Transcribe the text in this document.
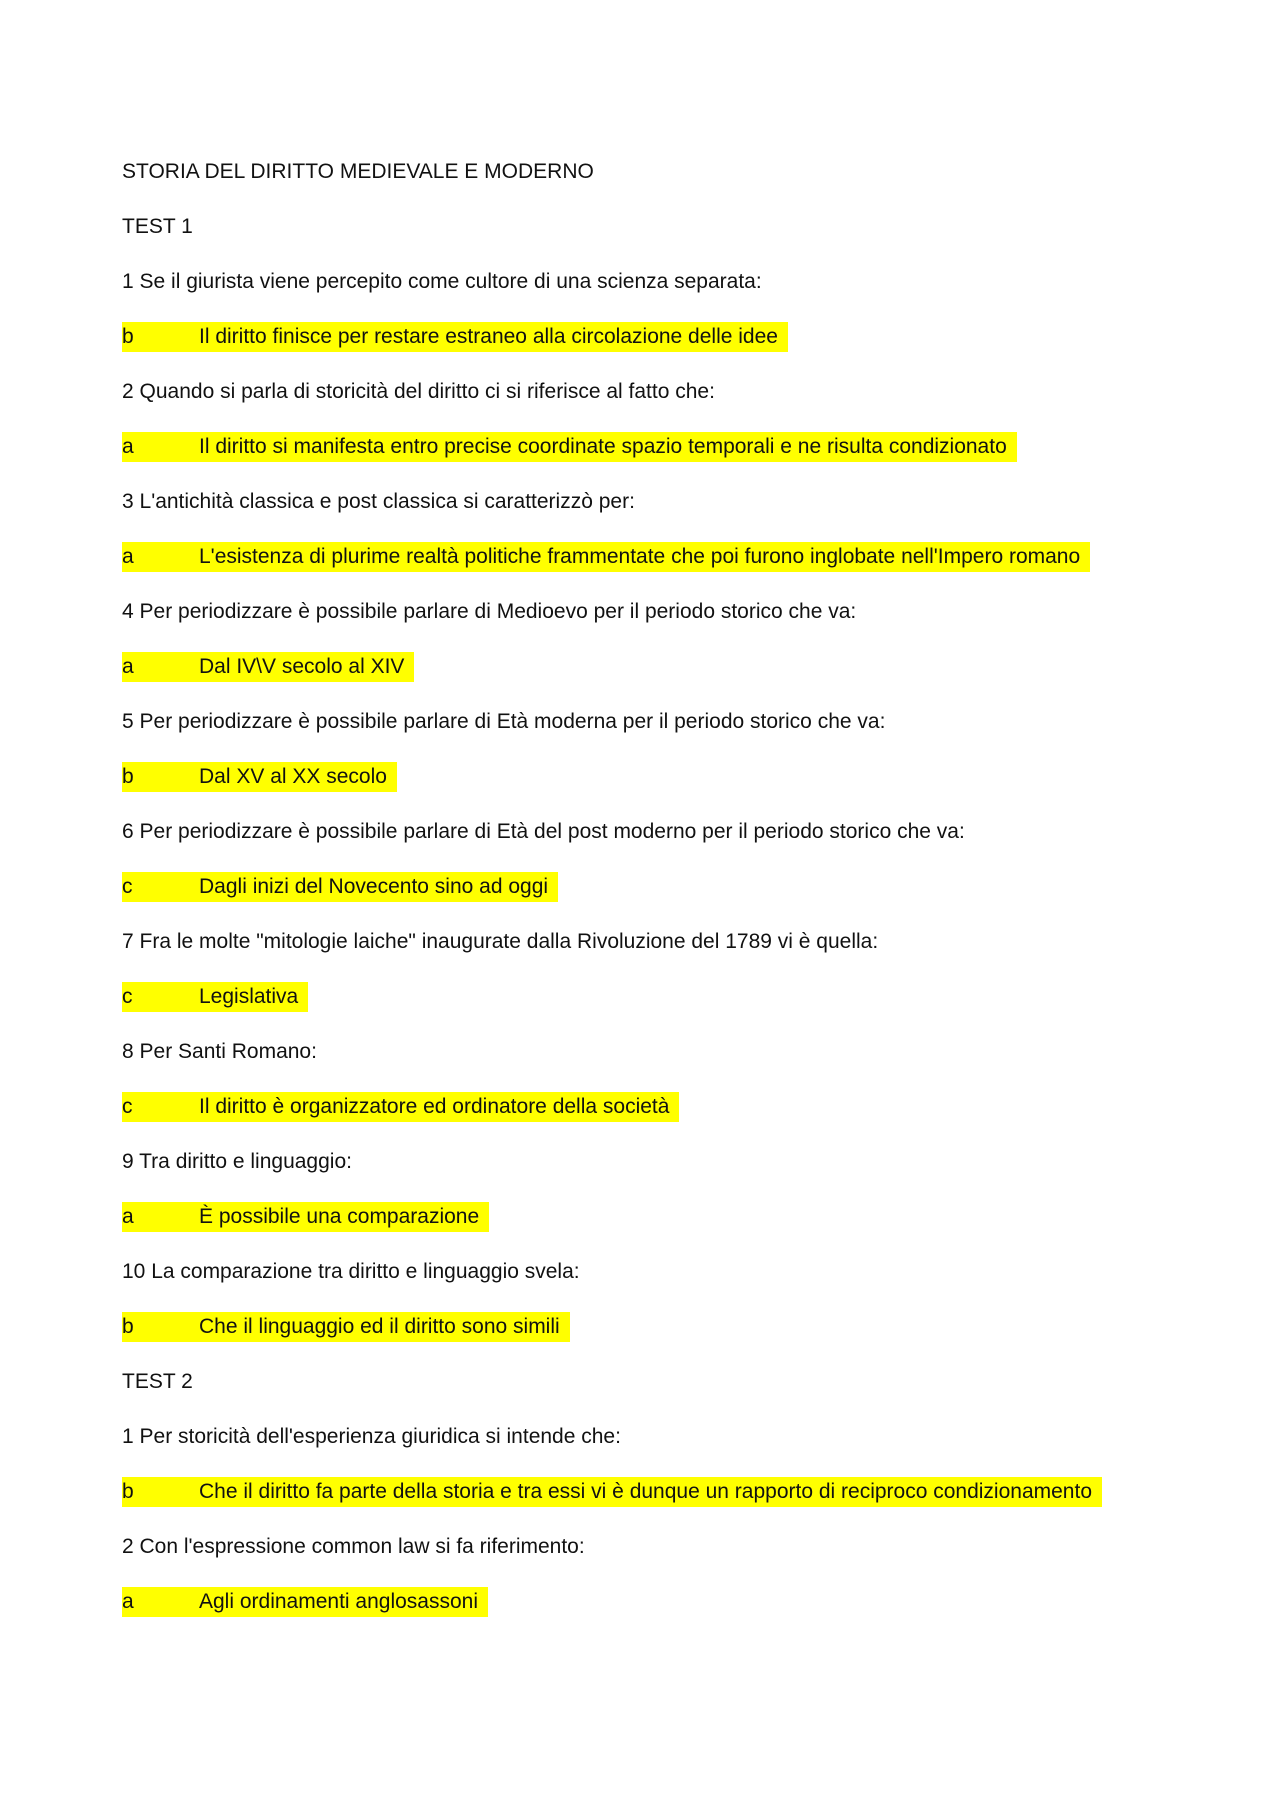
STORIA DEL DIRITTO MEDIEVALE E MODERNO
TEST 1
1 Se il giurista viene percepito come cultore di una scienza separata:
b	Il diritto finisce per restare estraneo alla circolazione delle idee
2 Quando si parla di storicità del diritto ci si riferisce al fatto che:
a	Il diritto si manifesta entro precise coordinate spazio temporali e ne risulta condizionato
3 L'antichità classica e post classica si caratterizzò per:
a	L'esistenza di plurime realtà politiche frammentate che poi furono inglobate nell'Impero romano
4 Per periodizzare è possibile parlare di Medioevo per il periodo storico che va:
a	Dal IV\V secolo al XIV
5 Per periodizzare è possibile parlare di Età moderna per il periodo storico che va:
b	Dal XV al XX secolo
6 Per periodizzare è possibile parlare di Età del post moderno per il periodo storico che va:
c	Dagli inizi del Novecento sino ad oggi
7 Fra le molte "mitologie laiche" inaugurate dalla Rivoluzione del 1789 vi è quella:
c	Legislativa
8 Per Santi Romano:
c	Il diritto è organizzatore ed ordinatore della società
9 Tra diritto e linguaggio:
a	È possibile una comparazione
10 La comparazione tra diritto e linguaggio svela:
b	Che il linguaggio ed il diritto sono simili
TEST 2
1 Per storicità dell'esperienza giuridica si intende che:
b	Che il diritto fa parte della storia e tra essi vi è dunque un rapporto di reciproco condizionamento
2 Con l'espressione common law si fa riferimento:
a	Agli ordinamenti anglosassoni
